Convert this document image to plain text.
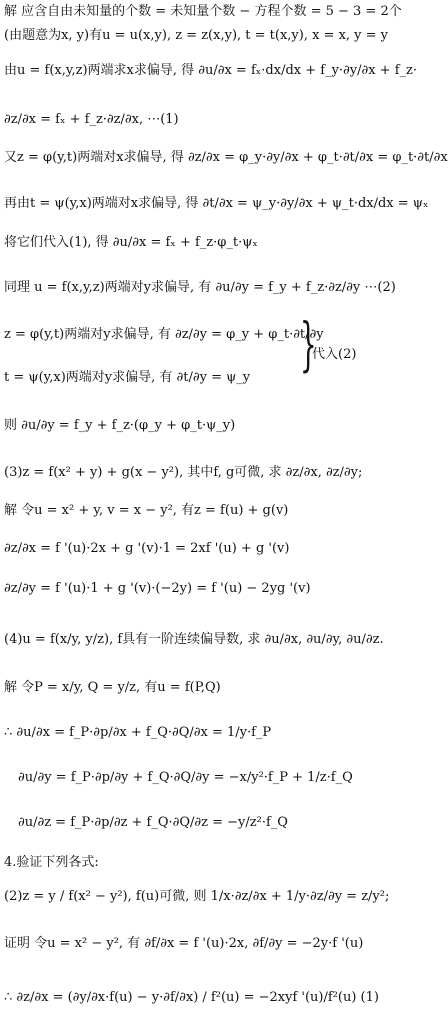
解 应含自由未知量的个数 = 未知量个数 − 方程个数 = 5 − 3 = 2个
(由题意为x, y)有u = u(x,y), z = z(x,y), t = t(x,y), x = x, y = y
由u = f(x,y,z)两端求x求偏导, 得 ∂u/∂x = fₓ·dx/dx + f_y·∂y/∂x + f_z·
∂z/∂x = fₓ + f_z·∂z/∂x, ⋯(1)
又z = φ(y,t)两端对x求偏导, 得 ∂z/∂x = φ_y·∂y/∂x + φ_t·∂t/∂x = φ_t·∂t/∂x
再由t = ψ(y,x)两端对x求偏导, 得 ∂t/∂x = ψ_y·∂y/∂x + ψ_t·dx/dx = ψₓ
将它们代入(1), 得 ∂u/∂x = fₓ + f_z·φ_t·ψₓ
同理 u = f(x,y,z)两端对y求偏导, 有 ∂u/∂y = f_y + f_z·∂z/∂y ⋯(2)
z = φ(y,t)两端对y求偏导, 有 ∂z/∂y = φ_y + φ_t·∂t/∂y
t = ψ(y,x)两端对y求偏导, 有 ∂t/∂y = ψ_y }
代入(2)
则 ∂u/∂y = f_y + f_z·(φ_y + φ_t·ψ_y)
(3)z = f(x² + y) + g(x − y²), 其中f, g可微, 求 ∂z/∂x, ∂z/∂y;
解 令u = x² + y, v = x − y², 有z = f(u) + g(v)
∂z/∂x = f '(u)·2x + g '(v)·1 = 2xf '(u) + g '(v)
∂z/∂y = f '(u)·1 + g '(v)·(−2y) = f '(u) − 2yg '(v)
(4)u = f(x/y, y/z), f具有一阶连续偏导数, 求 ∂u/∂x, ∂u/∂y, ∂u/∂z.
解 令P = x/y, Q = y/z, 有u = f(P,Q)
∴ ∂u/∂x = f_P·∂p/∂x + f_Q·∂Q/∂x = 1/y·f_P
∂u/∂y = f_P·∂p/∂y + f_Q·∂Q/∂y = −x/y²·f_P + 1/z·f_Q
∂u/∂z = f_P·∂p/∂z + f_Q·∂Q/∂z = −y/z²·f_Q
4.验证下列各式:
(2)z = y / f(x² − y²), f(u)可微, 则 1/x·∂z/∂x + 1/y·∂z/∂y = z/y²;
证明 令u = x² − y², 有 ∂f/∂x = f '(u)·2x, ∂f/∂y = −2y·f '(u)
∴ ∂z/∂x = (∂y/∂x·f(u) − y·∂f/∂x) / f²(u) = −2xyf '(u)/f²(u) (1)
